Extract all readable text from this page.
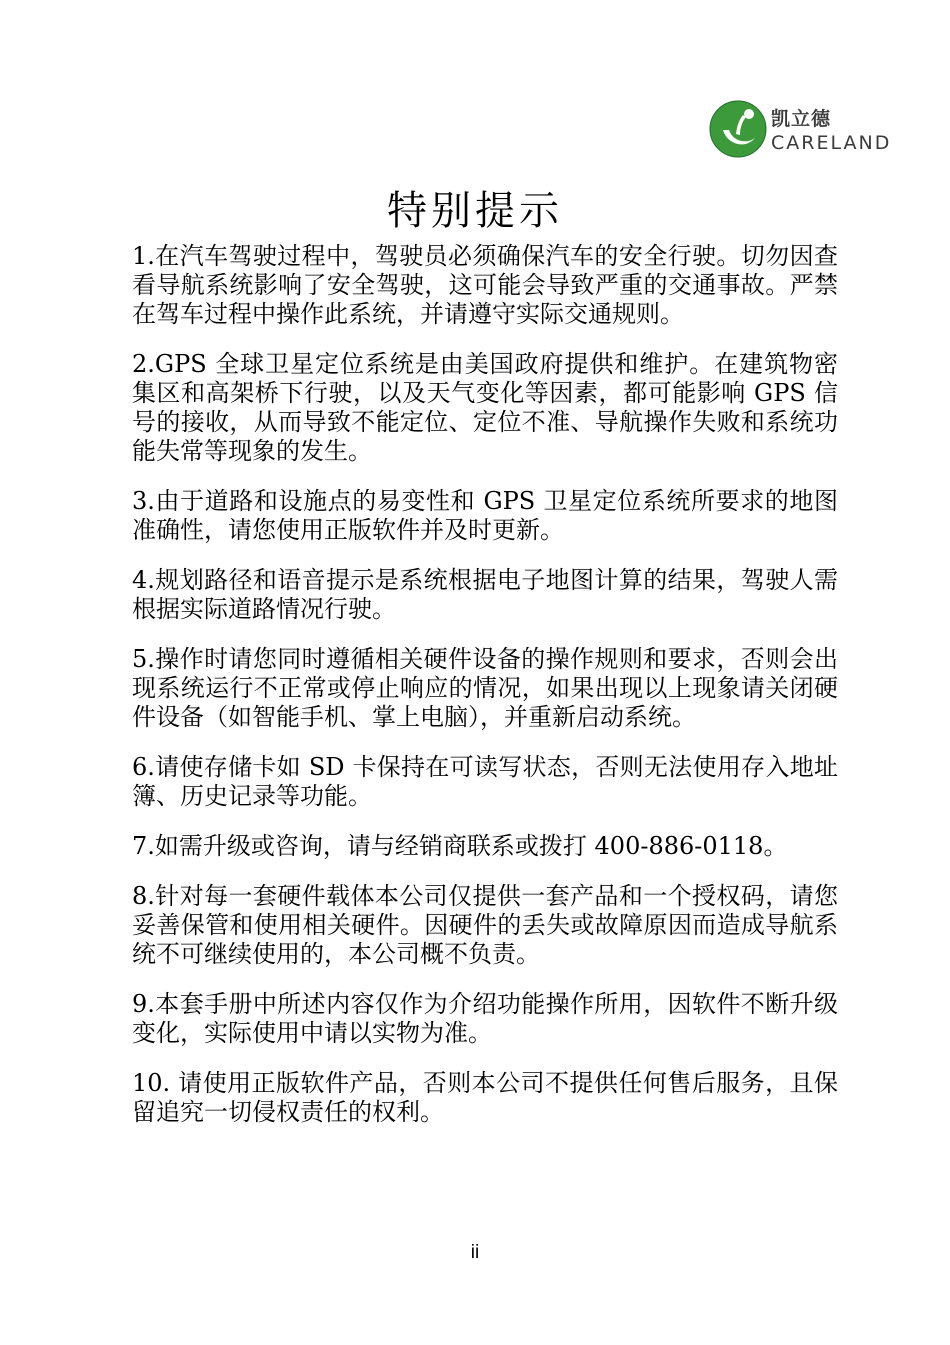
凯立德
CARELAND
特别提示

1.在汽车驾驶过程中，驾驶员必须确保汽车的安全行驶。切勿因查看导航系统影响了安全驾驶，这可能会导致严重的交通事故。严禁在驾车过程中操作此系统，并请遵守实际交通规则。

2.GPS 全球卫星定位系统是由美国政府提供和维护。在建筑物密集区和高架桥下行驶，以及天气变化等因素，都可能影响 GPS 信号的接收，从而导致不能定位、定位不准、导航操作失败和系统功能失常等现象的发生。

3.由于道路和设施点的易变性和 GPS 卫星定位系统所要求的地图准确性，请您使用正版软件并及时更新。

4.规划路径和语音提示是系统根据电子地图计算的结果，驾驶人需根据实际道路情况行驶。

5.操作时请您同时遵循相关硬件设备的操作规则和要求，否则会出现系统运行不正常或停止响应的情况，如果出现以上现象请关闭硬件设备（如智能手机、掌上电脑），并重新启动系统。

6.请使存储卡如 SD 卡保持在可读写状态，否则无法使用存入地址簿、历史记录等功能。

7.如需升级或咨询，请与经销商联系或拨打 400-886-0118。

8.针对每一套硬件载体本公司仅提供一套产品和一个授权码，请您妥善保管和使用相关硬件。因硬件的丢失或故障原因而造成导航系统不可继续使用的，本公司概不负责。

9.本套手册中所述内容仅作为介绍功能操作所用，因软件不断升级变化，实际使用中请以实物为准。

10. 请使用正版软件产品，否则本公司不提供任何售后服务，且保留追究一切侵权责任的权利。

ii
